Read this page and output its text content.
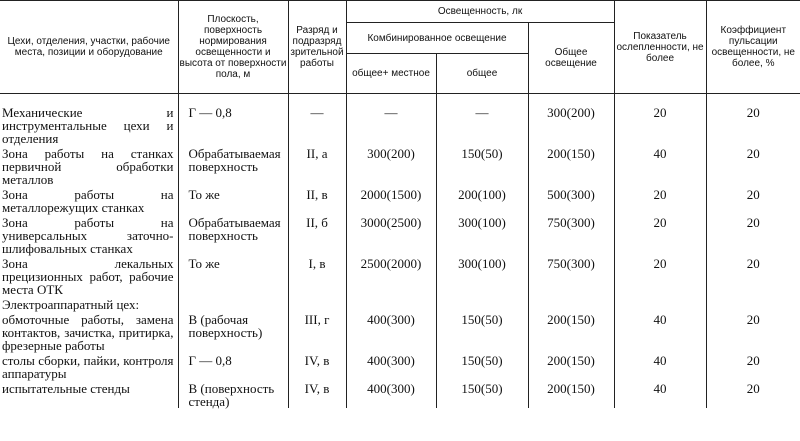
Цехи, отделения, участки, рабочие места, позиции и оборудование	Плоскость, поверхность нормирования освещенности и высота от поверхности пола, м	Разряд и подразряд зрительной работы	Освещенность, лк			Показатель ослепленности, не более	Коэффициент пульсации освещенности, не более, %
			Комбинированное освещение		Общее освещение		
			общее+ местное	общее			

Механические и инструментальные цехи и отделения	Г — 0,8	—	—	—	300(200)	20	20
Зона работы на станках первичной обработки металлов	Обрабатываемая поверхность	II, а	300(200)	150(50)	200(150)	40	20
Зона работы на металлорежущих станках	То же	II, в	2000(1500)	200(100)	500(300)	20	20
Зона работы на универсальных заточно-шлифовальных станках	Обрабатываемая поверхность	II, б	3000(2500)	300(100)	750(300)	20	20
Зона лекальных прецизионных работ, рабочие места ОТК	То же	I, в	2500(2000)	300(100)	750(300)	20	20
Электроаппаратный цех:							
обмоточные работы, замена контактов, зачистка, притирка, фрезерные работы	В (рабочая поверхность)	III, г	400(300)	150(50)	200(150)	40	20
столы сборки, пайки, контроля аппаратуры	Г — 0,8	IV, в	400(300)	150(50)	200(150)	40	20
испытательные стенды	В (поверхность стенда)	IV, в	400(300)	150(50)	200(150)	40	20
